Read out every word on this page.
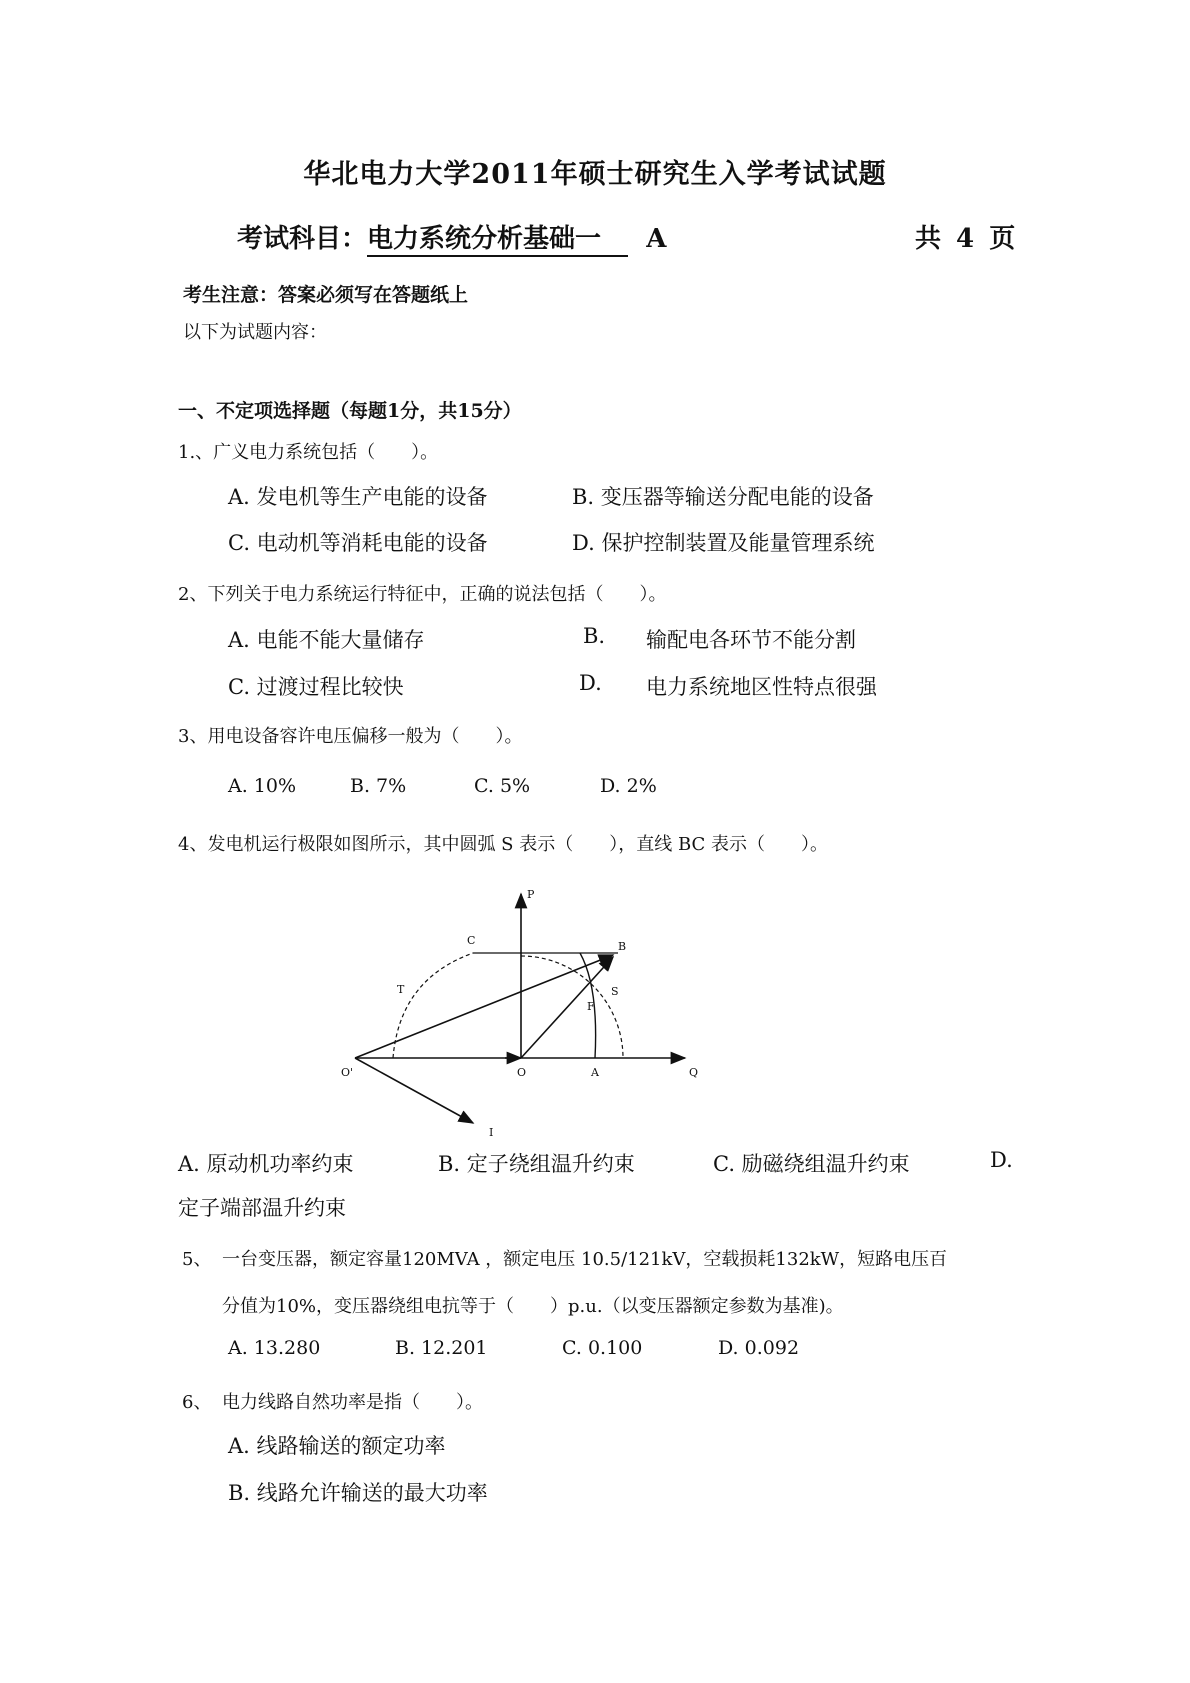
华北电力大学2011年硕士研究生入学考试试题
考试科目：电力系统分析基础一 A	共 4 页
考生注意：答案必须写在答题纸上
以下为试题内容：
一、不定项选择题（每题1分，共15分）
1.、广义电力系统包括（　　）。
A. 发电机等生产电能的设备	B. 变压器等输送分配电能的设备
C. 电动机等消耗电能的设备	D. 保护控制装置及能量管理系统
2、下列关于电力系统运行特征中，正确的说法包括（　　）。
A. 电能不能大量储存	B. 输配电各环节不能分割
C. 过渡过程比较快	D. 电力系统地区性特点很强
3、用电设备容许电压偏移一般为（　　）。
A. 10%	B. 7%	C. 5%	D. 2%
4、发电机运行极限如图所示，其中圆弧 S 表示（　　），直线 BC 表示（　　）。
P
C	B
S
T
F
O'	O	A	Q
I
A. 原动机功率约束	B. 定子绕组温升约束	C. 励磁绕组温升约束	D.
定子端部温升约束
5、 一台变压器，额定容量120MVA ，额定电压 10.5/121kV，空载损耗132kW，短路电压百
分值为10%，变压器绕组电抗等于（　　）p.u.（以变压器额定参数为基准)。
A. 13.280	B. 12.201	C. 0.100	D. 0.092
6、 电力线路自然功率是指（　　）。
A. 线路输送的额定功率
B. 线路允许输送的最大功率
